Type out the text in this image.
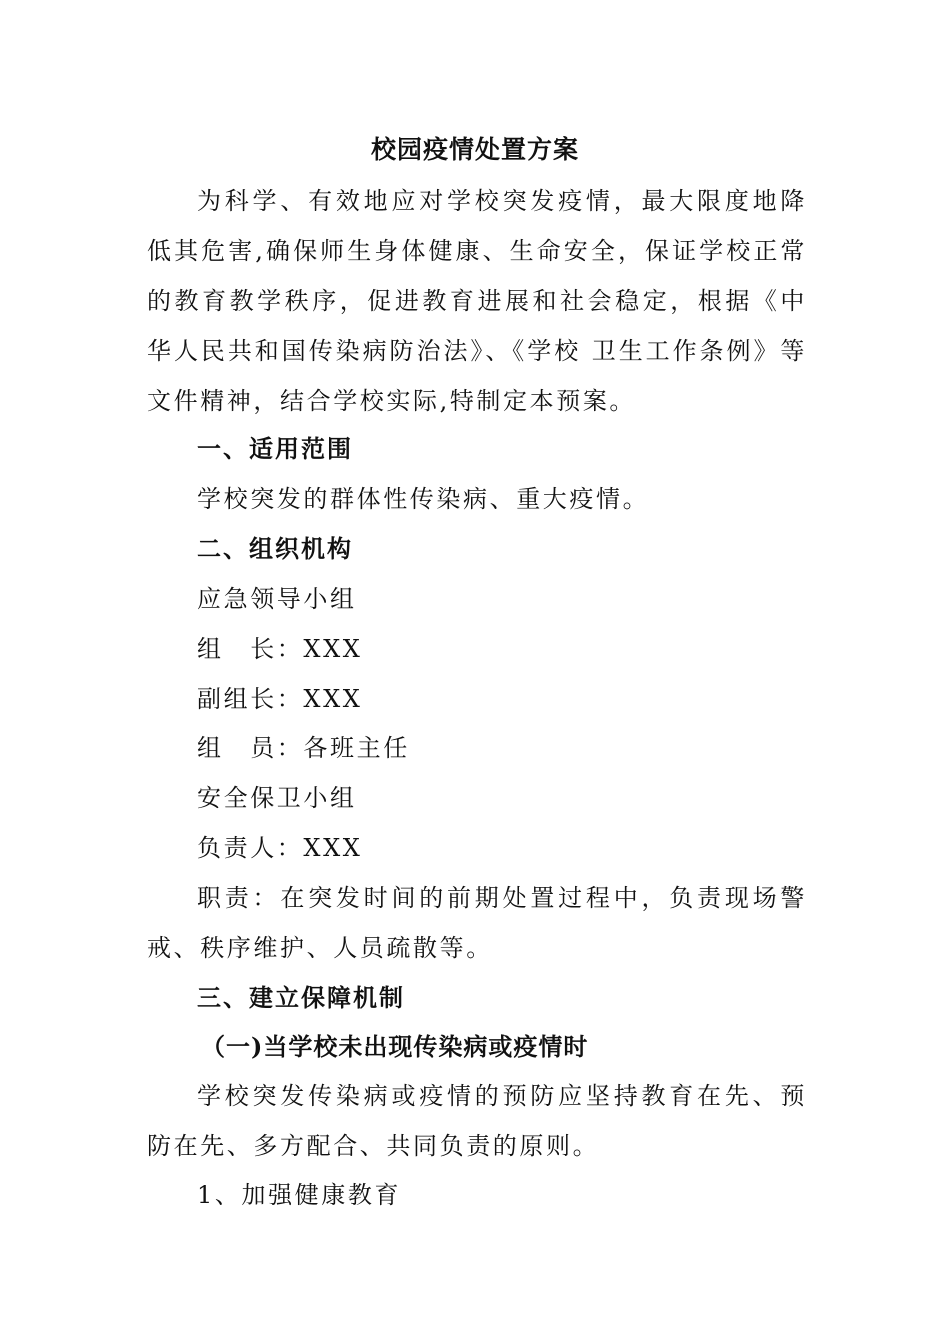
校园疫情处置方案
为科学、有效地应对学校突发疫情，最大限度地降低其危害,确保师生身体健康、生命安全，保证学校正常的教育教学秩序，促进教育进展和社会稳定，根据《中华人民共和国传染病防治法》、《学校 卫生工作条例》等文件精神，结合学校实际,特制定本预案。
一、适用范围
学校突发的群体性传染病、重大疫情。
二、组织机构
应急领导小组
组　长：XXX
副组长：XXX
组　员：各班主任
安全保卫小组
负责人：XXX
职责：在突发时间的前期处置过程中，负责现场警戒、秩序维护、人员疏散等。
三、建立保障机制
（一)当学校未出现传染病或疫情时
学校突发传染病或疫情的预防应坚持教育在先、预防在先、多方配合、共同负责的原则。
1、加强健康教育
